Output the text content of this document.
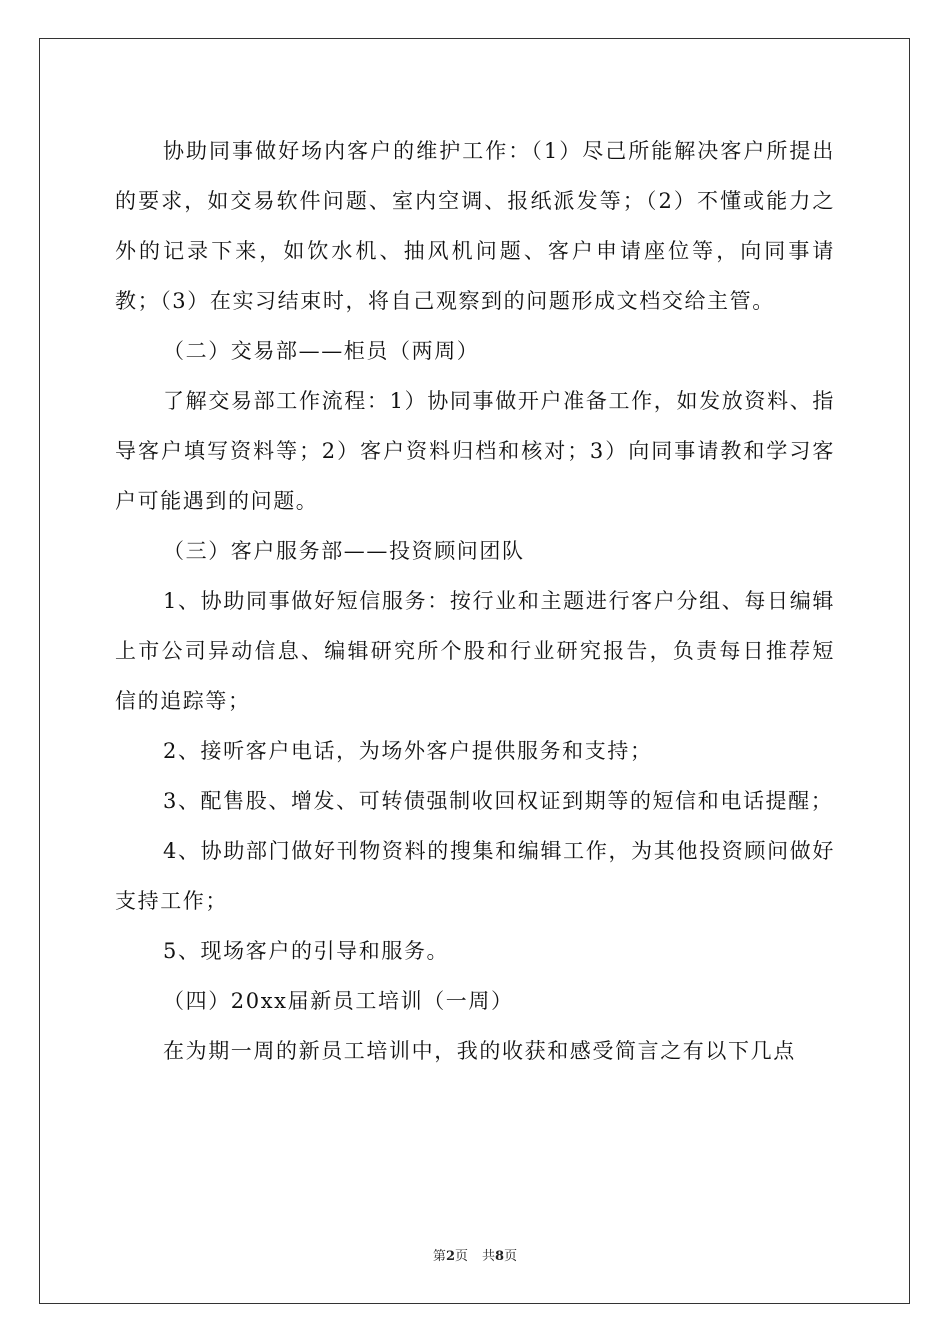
协助同事做好场内客户的维护工作：（1）尽己所能解决客户所提出的要求，如交易软件问题、室内空调、报纸派发等；（2）不懂或能力之外的记录下来，如饮水机、抽风机问题、客户申请座位等，向同事请教；（3）在实习结束时，将自己观察到的问题形成文档交给主管。

（二）交易部——柜员（两周）

了解交易部工作流程：1）协同事做开户准备工作，如发放资料、指导客户填写资料等；2）客户资料归档和核对；3）向同事请教和学习客户可能遇到的问题。

（三）客户服务部——投资顾问团队

1、协助同事做好短信服务：按行业和主题进行客户分组、每日编辑上市公司异动信息、编辑研究所个股和行业研究报告，负责每日推荐短信的追踪等；

2、接听客户电话，为场外客户提供服务和支持；

3、配售股、增发、可转债强制收回权证到期等的短信和电话提醒；

4、协助部门做好刊物资料的搜集和编辑工作，为其他投资顾问做好支持工作；

5、现场客户的引导和服务。

（四）20xx届新员工培训（一周）

在为期一周的新员工培训中，我的收获和感受简言之有以下几点

第2页 共8页
